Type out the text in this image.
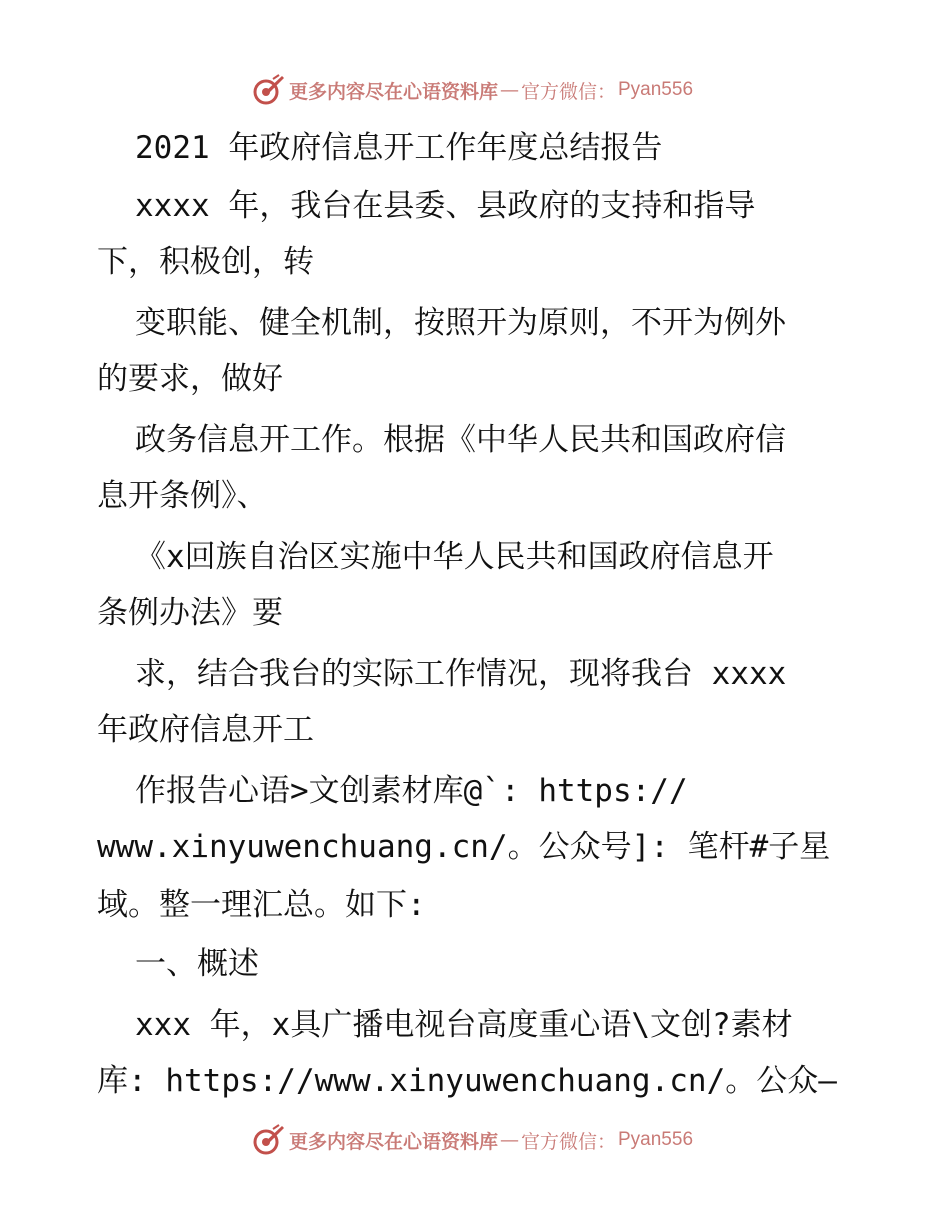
更多内容尽在心语资料库 — 官方微信： Pyan556
2021 年政府信息开工作年度总结报告
xxxx 年，我台在县委、县政府的支持和指导
下，积极创，转
变职能、健全机制，按照开为原则，不开为例外
的要求，做好
政务信息开工作。根据《中华人民共和国政府信
息开条例》、
《x回族自治区实施中华人民共和国政府信息开
条例办法》要
求，结合我台的实际工作情况，现将我台 xxxx
年政府信息开工
作报告心语>文创素材库@`: https://
www.xinyuwenchuang.cn/。公众号]: 笔杆#子星
域。整一理汇总。如下:
一、概述
xxx 年，x具广播电视台高度重心语\文创?素材
库: https://www.xinyuwenchuang.cn/。公众—
更多内容尽在心语资料库 — 官方微信： Pyan556
